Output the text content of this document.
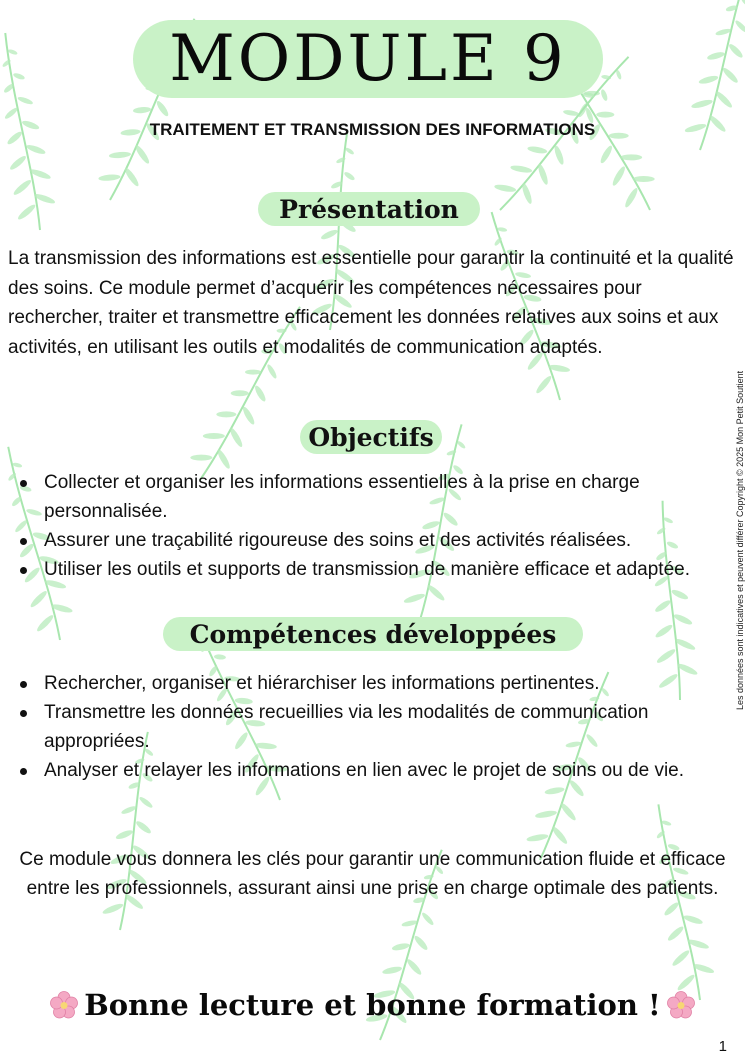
MODULE 9
TRAITEMENT ET TRANSMISSION DES INFORMATIONS
Présentation
La transmission des informations est essentielle pour garantir la continuité et la qualité des soins. Ce module permet d’acquérir les compétences nécessaires pour rechercher, traiter et transmettre efficacement les données relatives aux soins et aux activités, en utilisant les outils et modalités de communication adaptés.
Objectifs
Collecter et organiser les informations essentielles à la prise en charge personnalisée.
Assurer une traçabilité rigoureuse des soins et des activités réalisées.
Utiliser les outils et supports de transmission de manière efficace et adaptée.
Compétences développées
Rechercher, organiser et hiérarchiser les informations pertinentes.
Transmettre les données recueillies via les modalités de communication appropriées.
Analyser et relayer les informations en lien avec le projet de soins ou de vie.
Ce module vous donnera les clés pour garantir une communication fluide et efficace entre les professionnels, assurant ainsi une prise en charge optimale des patients.
Bonne lecture et bonne formation !
Les données sont indicatives et peuvent différer Copyright © 2025 Mon Petit Soutient
1
